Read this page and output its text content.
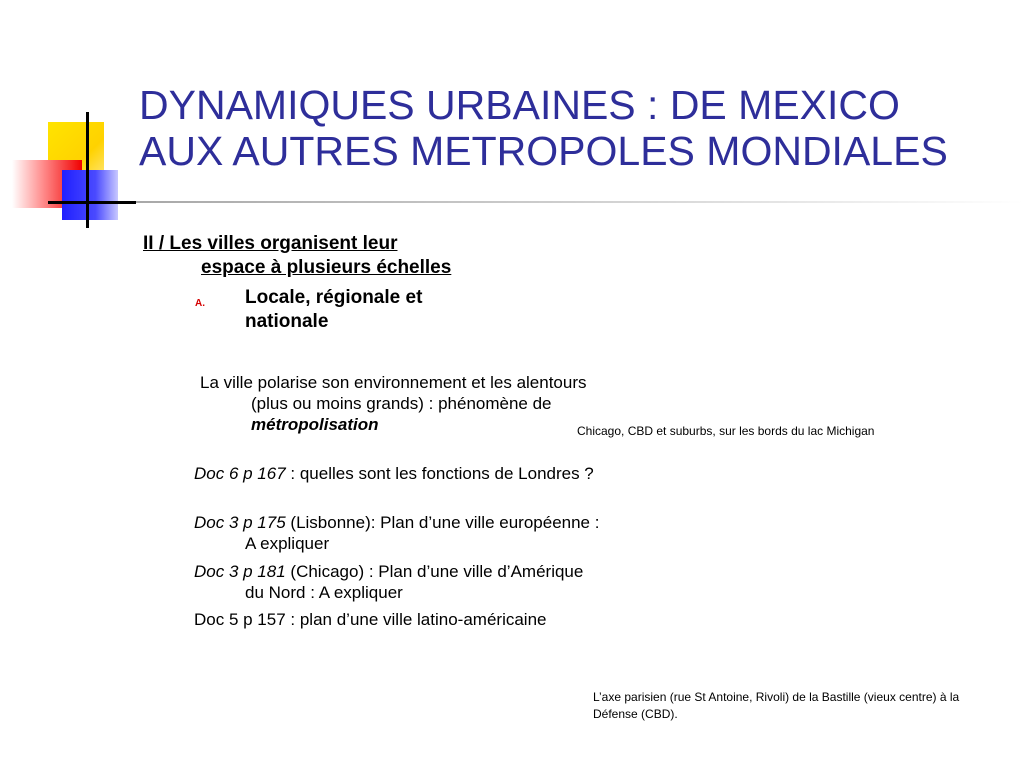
DYNAMIQUES URBAINES : DE MEXICO
AUX AUTRES METROPOLES MONDIALES

II / Les villes organisent leur
espace à plusieurs échelles

A. Locale, régionale et
nationale

La ville polarise son environnement et les alentours (plus ou moins grands) : phénomène de métropolisation

Doc 6 p 167 : quelles sont les fonctions de Londres ?

Doc 3 p 175 (Lisbonne): Plan d’une ville européenne : A expliquer

Doc 3 p 181 (Chicago) : Plan d’une ville d’Amérique du Nord : A expliquer

Doc 5 p 157 : plan d’une ville latino-américaine

Chicago, CBD et suburbs, sur les bords du lac Michigan
L’axe parisien (rue St Antoine, Rivoli) de la Bastille (vieux centre) à la Défense (CBD).
